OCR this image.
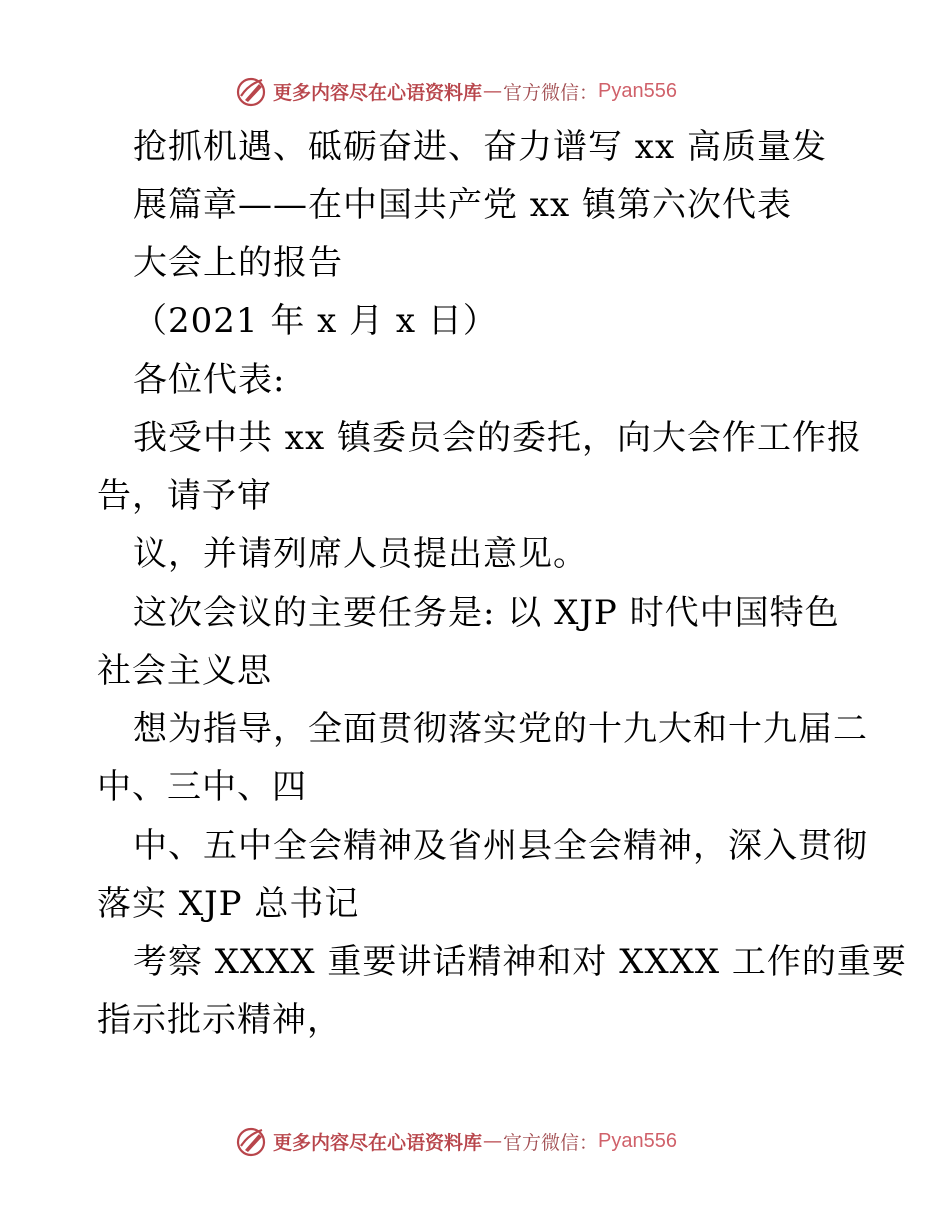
更多内容尽在心语资料库 — 官方微信： Pyan556
抢抓机遇、砥砺奋进、奋力谱写 xx 高质量发
展篇章——在中国共产党 xx 镇第六次代表
大会上的报告
（2021 年 x 月 x 日）
各位代表:
我受中共 xx 镇委员会的委托，向大会作工作报
告，请予审
议，并请列席人员提出意见。
这次会议的主要任务是: 以 XJP 时代中国特色
社会主义思
想为指导，全面贯彻落实党的十九大和十九届二
中、三中、四
中、五中全会精神及省州县全会精神，深入贯彻
落实 XJP 总书记
考察 XXXX 重要讲话精神和对 XXXX 工作的重要
指示批示精神，
更多内容尽在心语资料库 — 官方微信： Pyan556
